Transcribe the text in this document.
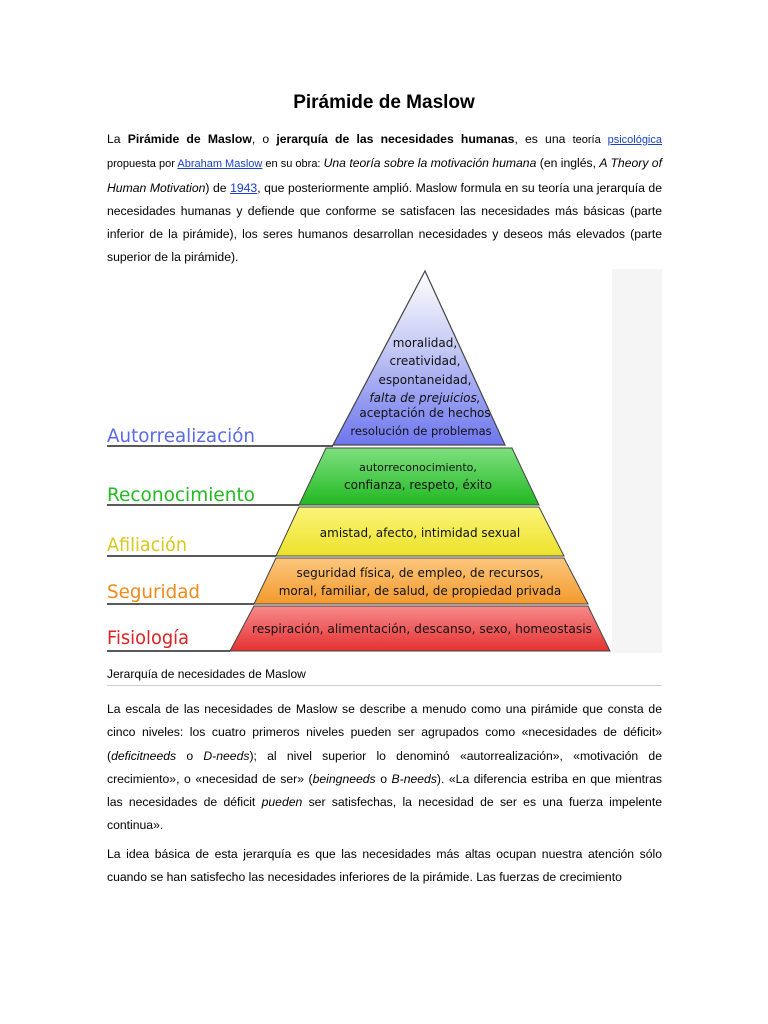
Pirámide de Maslow

La Pirámide de Maslow, o jerarquía de las necesidades humanas, es una teoría psicológica propuesta por Abraham Maslow en su obra: Una teoría sobre la motivación humana (en inglés, A Theory of Human Motivation) de 1943, que posteriormente amplió. Maslow formula en su teoría una jerarquía de necesidades humanas y defiende que conforme se satisfacen las necesidades más básicas (parte inferior de la pirámide), los seres humanos desarrollan necesidades y deseos más elevados (parte superior de la pirámide).

Autorrealización
moralidad,
creatividad,
espontaneidad,
falta de prejuicios,
aceptación de hechos
resolución de problemas
Reconocimiento
autorreconocimiento,
confianza, respeto, éxito
Afiliación
amistad, afecto, intimidad sexual
Seguridad
seguridad física, de empleo, de recursos,
moral, familiar, de salud, de propiedad privada
Fisiología	respiración, alimentación, descanso, sexo, homeostasis
Jerarquía de necesidades de Maslow

La escala de las necesidades de Maslow se describe a menudo como una pirámide que consta de cinco niveles: los cuatro primeros niveles pueden ser agrupados como «necesidades de déficit» (deficitneeds o D-needs); al nivel superior lo denominó «autorrealización», «motivación de crecimiento», o «necesidad de ser» (beingneeds o B-needs). «La diferencia estriba en que mientras las necesidades de déficit pueden ser satisfechas, la necesidad de ser es una fuerza impelente continua».

La idea básica de esta jerarquía es que las necesidades más altas ocupan nuestra atención sólo cuando se han satisfecho las necesidades inferiores de la pirámide. Las fuerzas de crecimiento
